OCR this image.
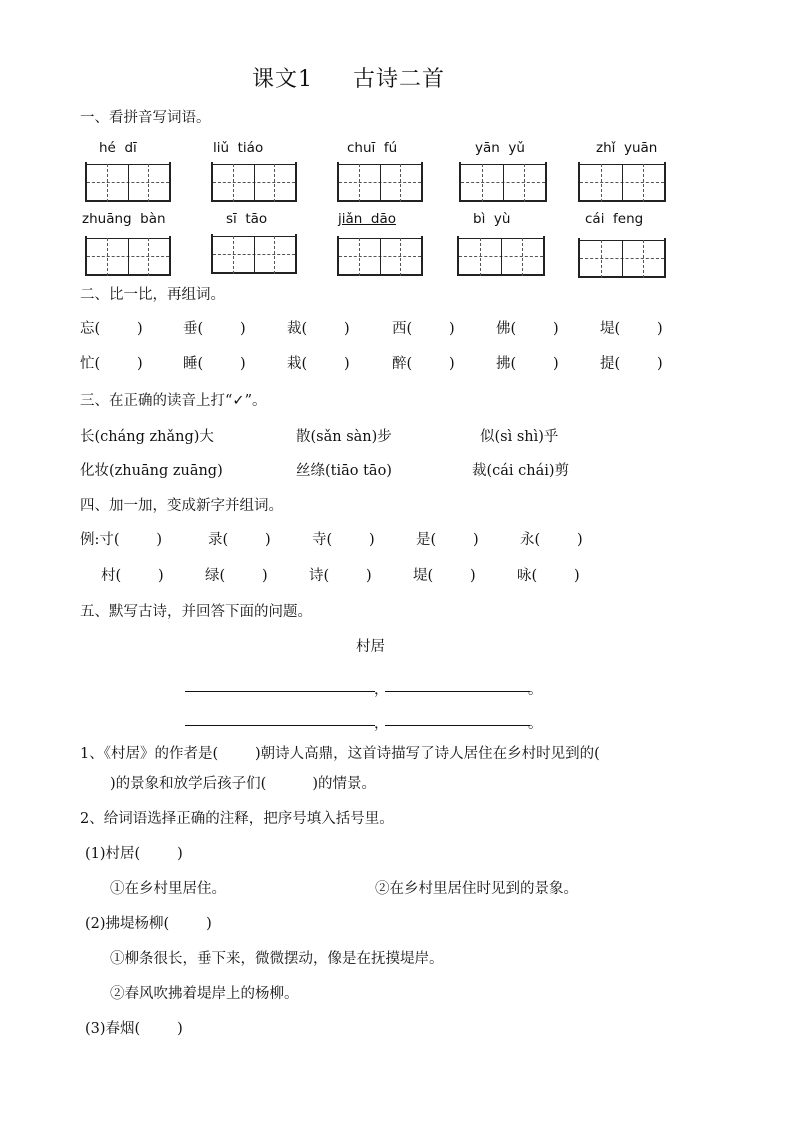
课文1     古诗二首
一、看拼音写词语。
hé  dī	liǔ  tiáo	chuī  fú	yān  yǔ	zhǐ  yuān
zhuāng  bàn	sī  tāo	jiǎn  dāo	bì  yù	cái  feng
二、比一比，再组词。
忘(        )	垂(        )	裁(        )	西(        )	佛(        )	堤(        )
忙(        )	睡(        )	栽(        )	醉(        )	拂(        )	提(        )
三、在正确的读音上打“✓”。
长(cháng zhǎng)大	散(sǎn sàn)步	似(sì shì)乎
化妆(zhuāng zuāng)	丝绦(tiāo tāo)	裁(cái chái)剪
四、加一加，变成新字并组词。
例:寸(        )	录(        )	寺(        )	是(        )	永(        )
村(        )	绿(        )	诗(        )	堤(        )	咏(        )
五、默写古诗，并回答下面的问题。
村居
，	。
，	。
1、《村居》的作者是(        )朝诗人高鼎，这首诗描写了诗人居住在乡村时见到的(
)的景象和放学后孩子们(          )的情景。
2、给词语选择正确的注释，把序号填入括号里。
(1)村居(        )
①在乡村里居住。	②在乡村里居住时见到的景象。
(2)拂堤杨柳(        )
①柳条很长，垂下来，微微摆动，像是在抚摸堤岸。
②春风吹拂着堤岸上的杨柳。
(3)春烟(        )
